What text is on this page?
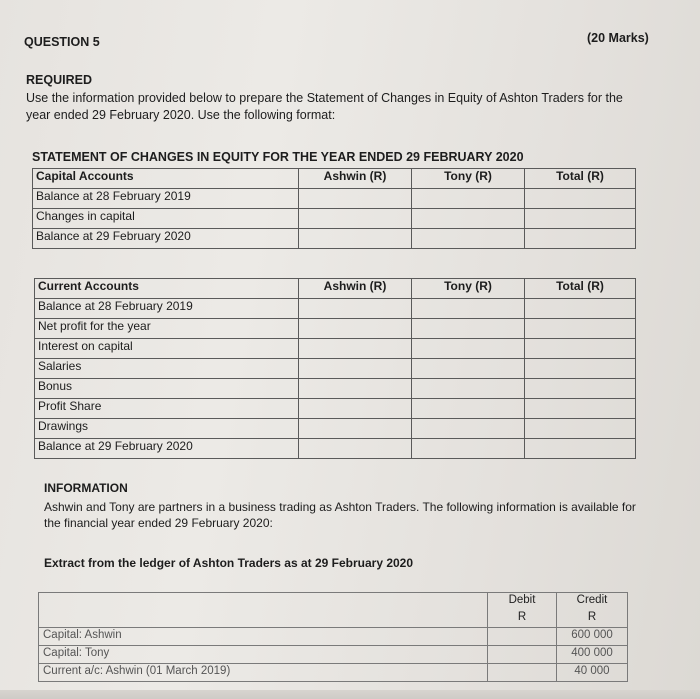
QUESTION 5	(20 Marks)
REQUIRED
Use the information provided below to prepare the Statement of Changes in Equity of Ashton Traders for the year ended 29 February 2020. Use the following format:
STATEMENT OF CHANGES IN EQUITY FOR THE YEAR ENDED 29 FEBRUARY 2020
Capital Accounts	Ashwin (R)	Tony (R)	Total (R)
Balance at 28 February 2019			
Changes in capital			
Balance at 29 February 2020			
Current Accounts	Ashwin (R)	Tony (R)	Total (R)
Balance at 28 February 2019			
Net profit for the year			
Interest on capital			
Salaries			
Bonus			
Profit Share			
Drawings			
Balance at 29 February 2020			
INFORMATION
Ashwin and Tony are partners in a business trading as Ashton Traders. The following information is available for the financial year ended 29 February 2020:
Extract from the ledger of Ashton Traders as at 29 February 2020
	Debit	Credit
	R	R
Capital: Ashwin		600 000
Capital: Tony		400 000
Current a/c: Ashwin (01 March 2019)		40 000
